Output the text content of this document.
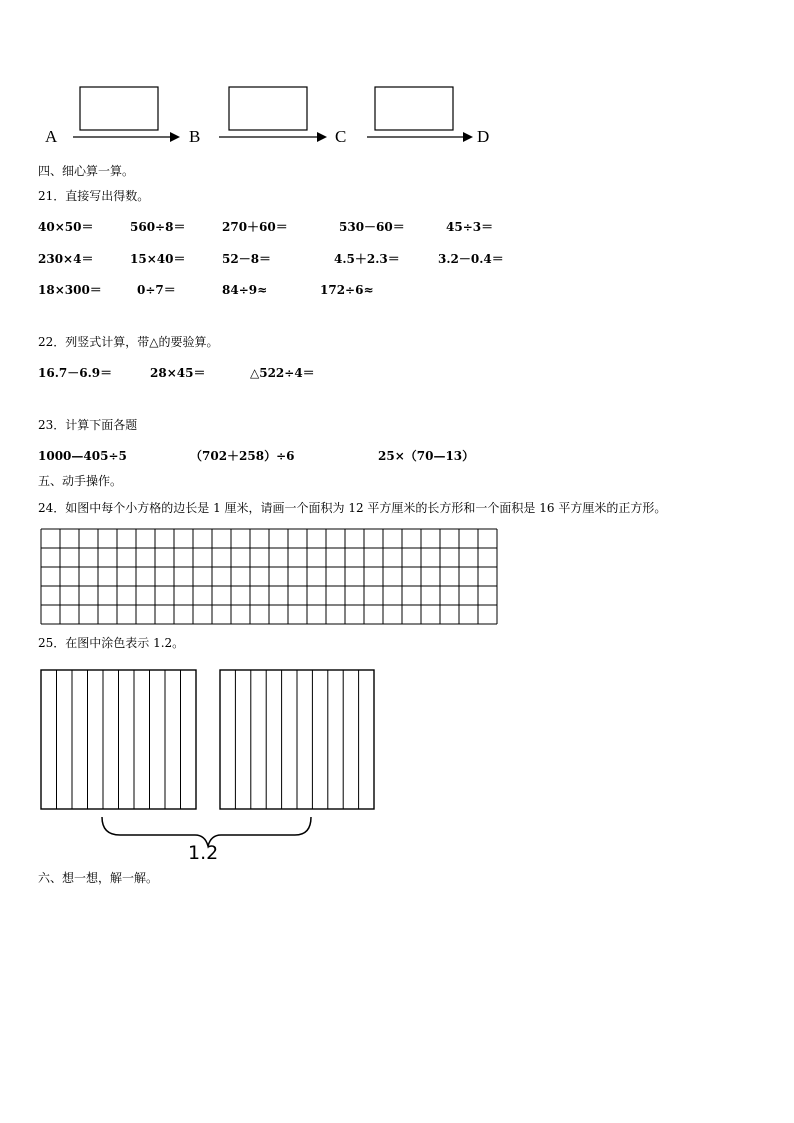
A	B	C	D
四、细心算一算。
21．直接写出得数。
40×50＝	560÷8＝	270＋60＝	530－60＝	45÷3＝
230×4＝	15×40＝	52－8＝	4.5＋2.3＝	3.2－0.4＝
18×300＝	0÷7＝	84÷9≈	172÷6≈
22．列竖式计算，带△的要验算。
16.7－6.9＝	28×45＝	△522÷4＝
23．计算下面各题
1000—405÷5	（702＋258）÷6	25×（70—13）
五、动手操作。
24．如图中每个小方格的边长是 1 厘米，请画一个面积为 12 平方厘米的长方形和一个面积是 16 平方厘米的正方形。
25．在图中涂色表示 1.2。
1.2
六、想一想，解一解。
